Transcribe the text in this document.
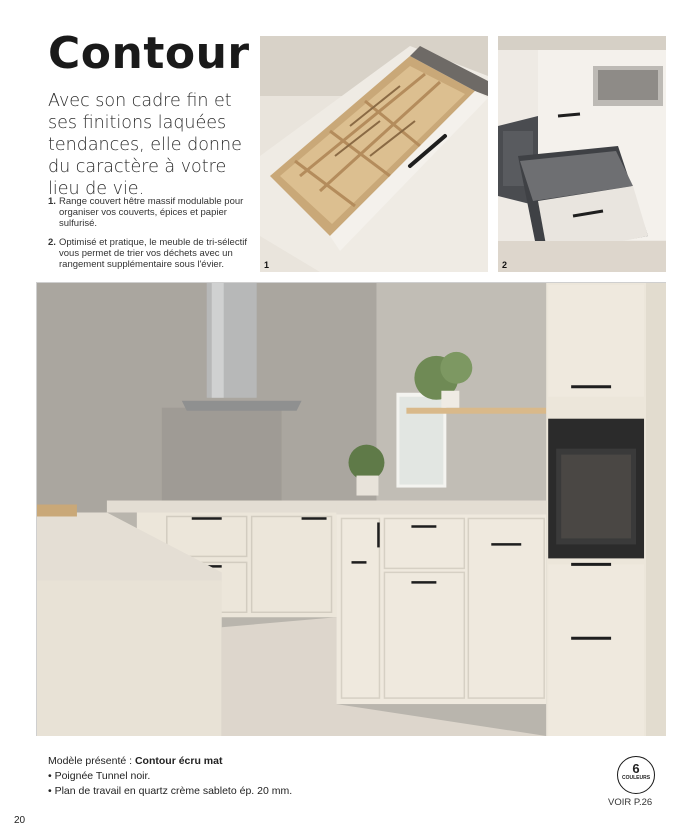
Contour
Avec son cadre fin et ses finitions laquées tendances, elle donne du caractère à votre lieu de vie.
1. Range couvert hêtre massif modulable pour organiser vos couverts, épices et papier sulfurisé.
2. Optimisé et pratique, le meuble de tri-sélectif vous permet de trier vos déchets avec un rangement supplémentaire sous l'évier.	1	2
Modèle présenté : Contour écru mat
• Poignée Tunnel noir.
• Plan de travail en quartz crème sableto ép. 20 mm.
6
COULEURS
VOIR P.26
20
